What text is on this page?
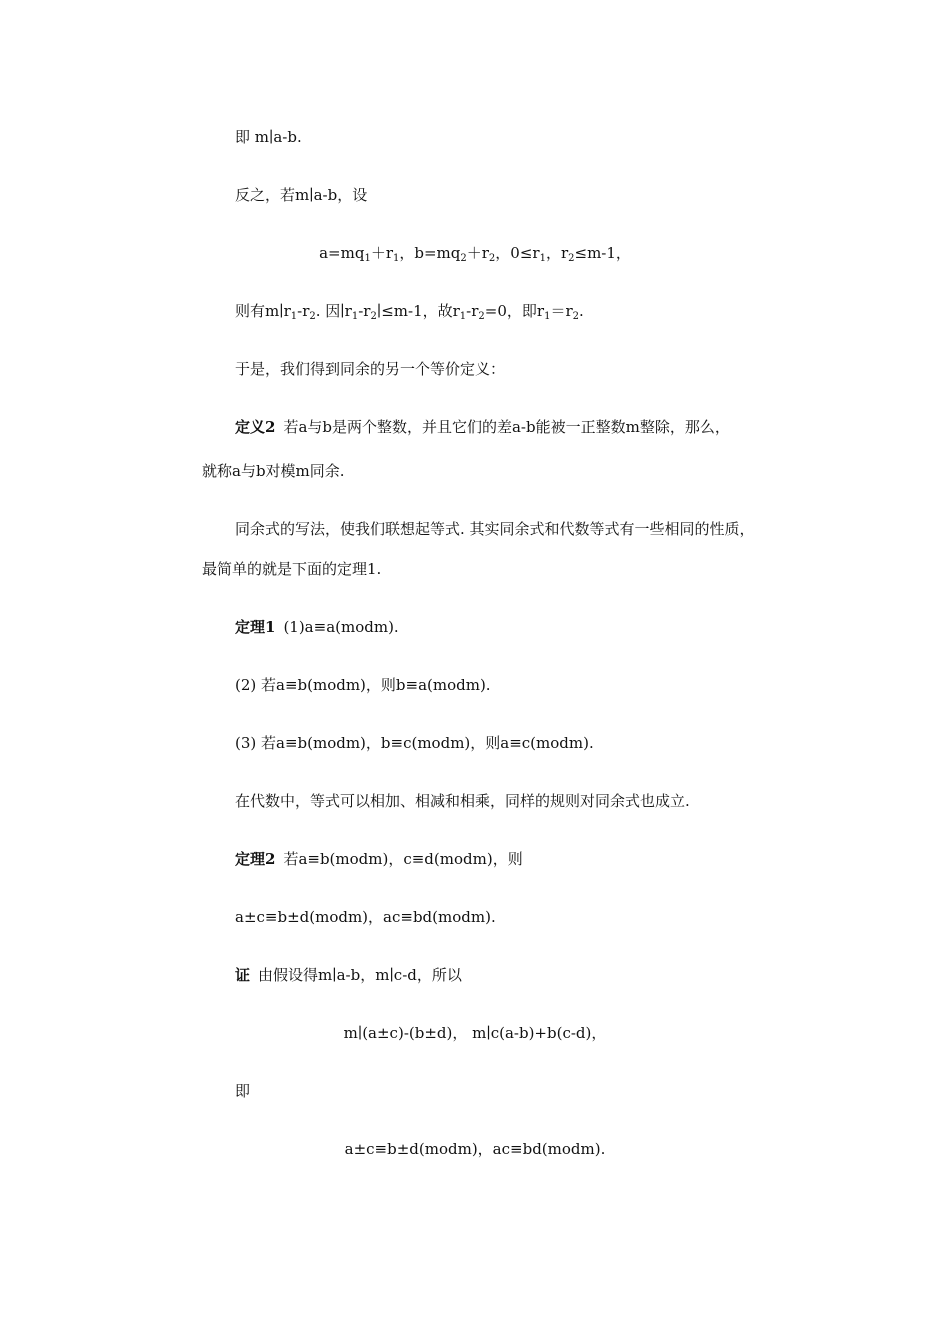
即 m∣a-b.
反之，若m∣a-b，设
$a=mq_1+r_1$，$b=mq_2+r_2$，$0\le r_1$，$r_2\le m-1$，
则有$m∣r_1-r_2$. 因$∣r_1-r_2∣\le m-1$，故$r_1-r_2=0$，即$r_1=r_2$.
于是，我们得到同余的另一个等价定义：
定义2 若a与b是两个整数，并且它们的差a-b能被一正整数m整除，那么，
就称a与b对模m同余.
同余式的写法，使我们联想起等式. 其实同余式和代数等式有一些相同的性质，
最简单的就是下面的定理1.
定理1 (1)a≡a(modm).
(2) 若a≡b(modm)，则b≡a(modm).
(3) 若a≡b(modm)，b≡c(modm)，则a≡c(modm).
在代数中，等式可以相加、相减和相乘，同样的规则对同余式也成立.
定理2 若a≡b(modm)，c≡d(modm)，则
a±c≡b±d(modm)，ac≡bd(modm).
证 由假设得m∣a-b，m∣c-d，所以
m∣(a±c)-(b±d)， m∣c(a-b)+b(c-d)，
即
a±c≡b±d(modm)，ac≡bd(modm).
